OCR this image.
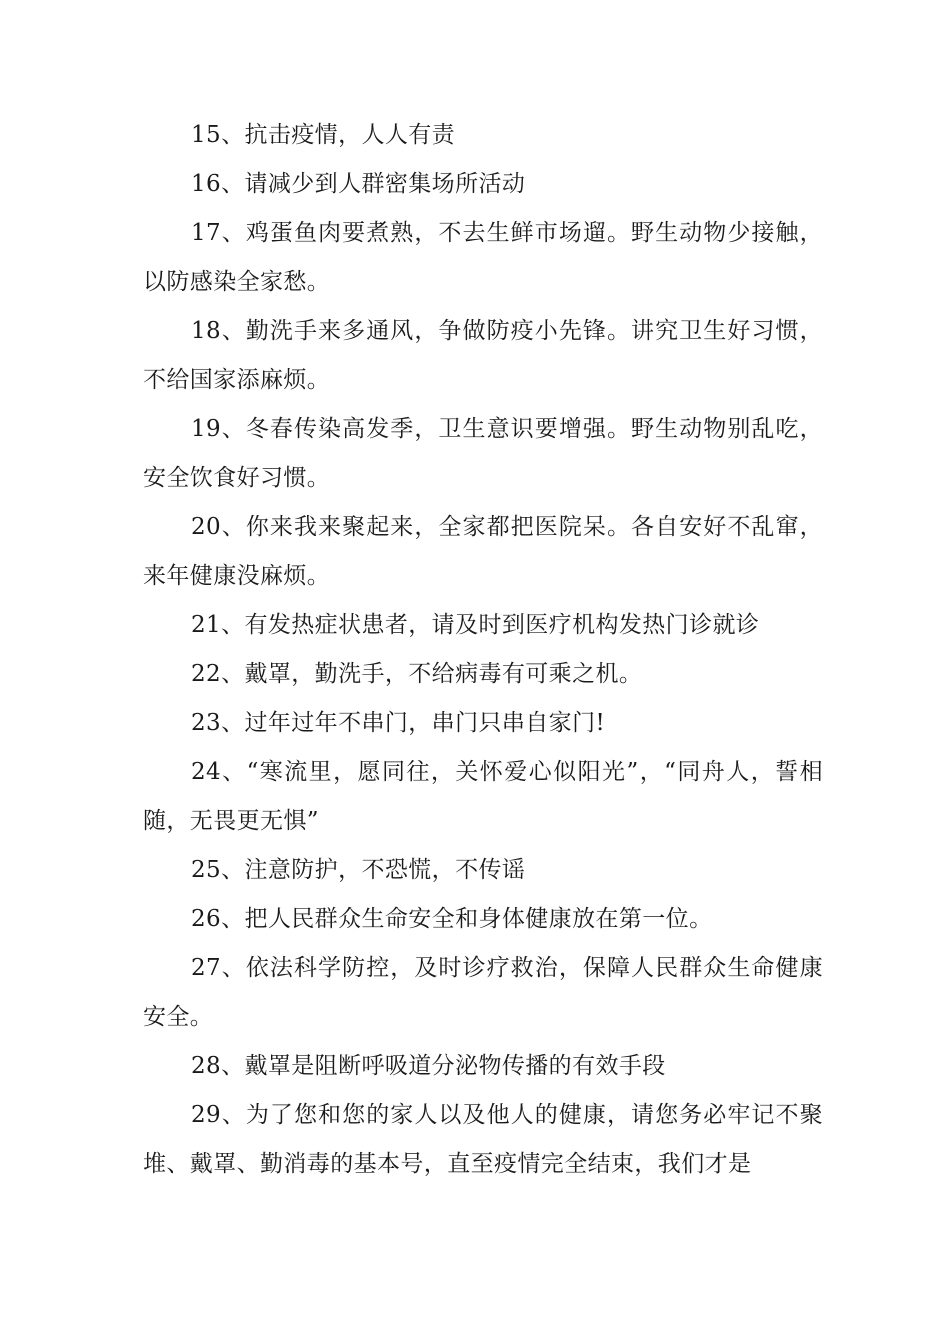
15、抗击疫情，人人有责

16、请减少到人群密集场所活动

17、鸡蛋鱼肉要煮熟，不去生鲜市场遛。野生动物少接触，以防感染全家愁。

18、勤洗手来多通风，争做防疫小先锋。讲究卫生好习惯，不给国家添麻烦。

19、冬春传染高发季，卫生意识要增强。野生动物别乱吃，安全饮食好习惯。

20、你来我来聚起来，全家都把医院呆。各自安好不乱窜，来年健康没麻烦。

21、有发热症状患者，请及时到医疗机构发热门诊就诊

22、戴罩，勤洗手，不给病毒有可乘之机。

23、过年过年不串门，串门只串自家门!

24、“寒流里，愿同往，关怀爱心似阳光”，“同舟人，誓相随，无畏更无惧”

25、注意防护，不恐慌，不传谣

26、把人民群众生命安全和身体健康放在第一位。

27、依法科学防控，及时诊疗救治，保障人民群众生命健康安全。

28、戴罩是阻断呼吸道分泌物传播的有效手段

29、为了您和您的家人以及他人的健康，请您务必牢记不聚堆、戴罩、勤消毒的基本号，直至疫情完全结束，我们才是
